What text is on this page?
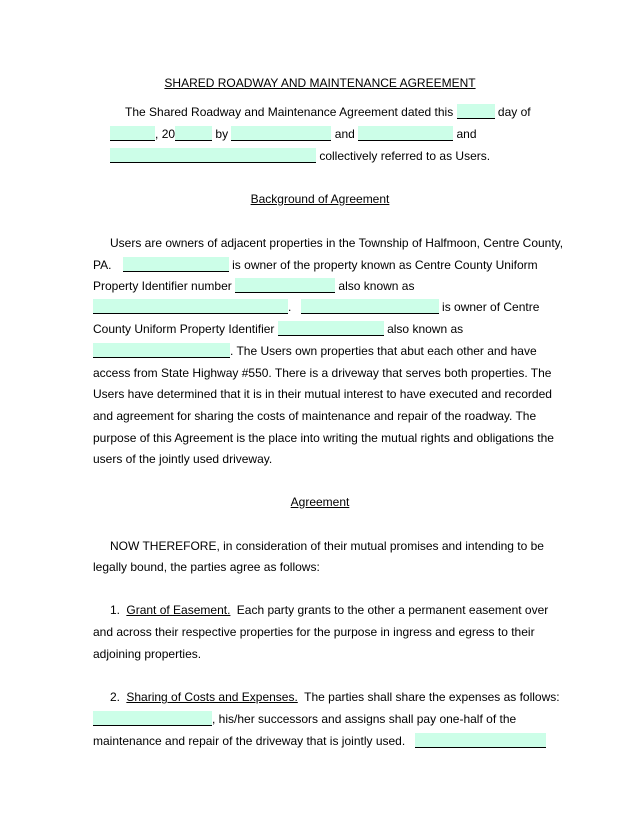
SHARED ROADWAY AND MAINTENANCE AGREEMENT
The Shared Roadway and Maintenance Agreement dated this	day of
, 20	by	and	and
collectively referred to as Users.
Background of Agreement
Users are owners of adjacent properties in the Township of Halfmoon, Centre County,
PA.	is owner of the property known as Centre County Uniform
Property Identifier number	also known as
.	is owner of Centre
County Uniform Property Identifier	also known as
. The Users own properties that abut each other and have
access from State Highway #550. There is a driveway that serves both properties. The
Users have determined that it is in their mutual interest to have executed and recorded
and agreement for sharing the costs of maintenance and repair of the roadway. The
purpose of this Agreement is the place into writing the mutual rights and obligations the
users of the jointly used driveway.
Agreement
NOW THEREFORE, in consideration of their mutual promises and intending to be
legally bound, the parties agree as follows:
1. Grant of Easement. Each party grants to the other a permanent easement over
and across their respective properties for the purpose in ingress and egress to their
adjoining properties.
2. Sharing of Costs and Expenses. The parties shall share the expenses as follows:
, his/her successors and assigns shall pay one-half of the
maintenance and repair of the driveway that is jointly used.
